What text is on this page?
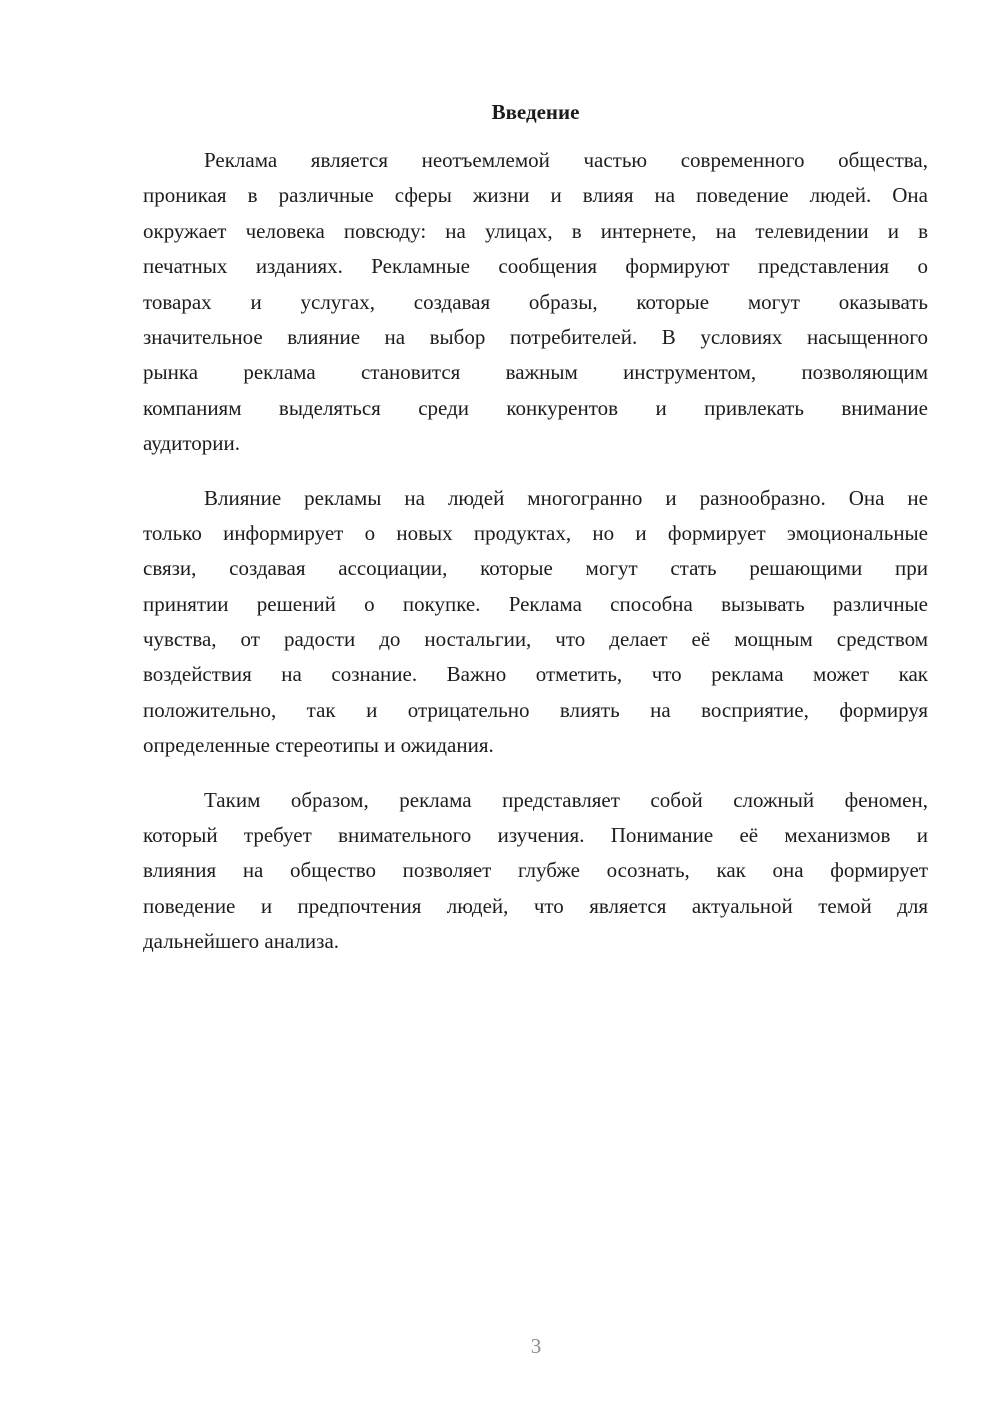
Введение

Реклама является неотъемлемой частью современного общества,
проникая в различные сферы жизни и влияя на поведение людей. Она
окружает человека повсюду: на улицах, в интернете, на телевидении и в
печатных изданиях. Рекламные сообщения формируют представления о
товарах и услугах, создавая образы, которые могут оказывать
значительное влияние на выбор потребителей. В условиях насыщенного
рынка реклама становится важным инструментом, позволяющим
компаниям выделяться среди конкурентов и привлекать внимание
аудитории.

Влияние рекламы на людей многогранно и разнообразно. Она не
только информирует о новых продуктах, но и формирует эмоциональные
связи, создавая ассоциации, которые могут стать решающими при
принятии решений о покупке. Реклама способна вызывать различные
чувства, от радости до ностальгии, что делает её мощным средством
воздействия на сознание. Важно отметить, что реклама может как
положительно, так и отрицательно влиять на восприятие, формируя
определенные стереотипы и ожидания.

Таким образом, реклама представляет собой сложный феномен,
который требует внимательного изучения. Понимание её механизмов и
влияния на общество позволяет глубже осознать, как она формирует
поведение и предпочтения людей, что является актуальной темой для
дальнейшего анализа.

3
